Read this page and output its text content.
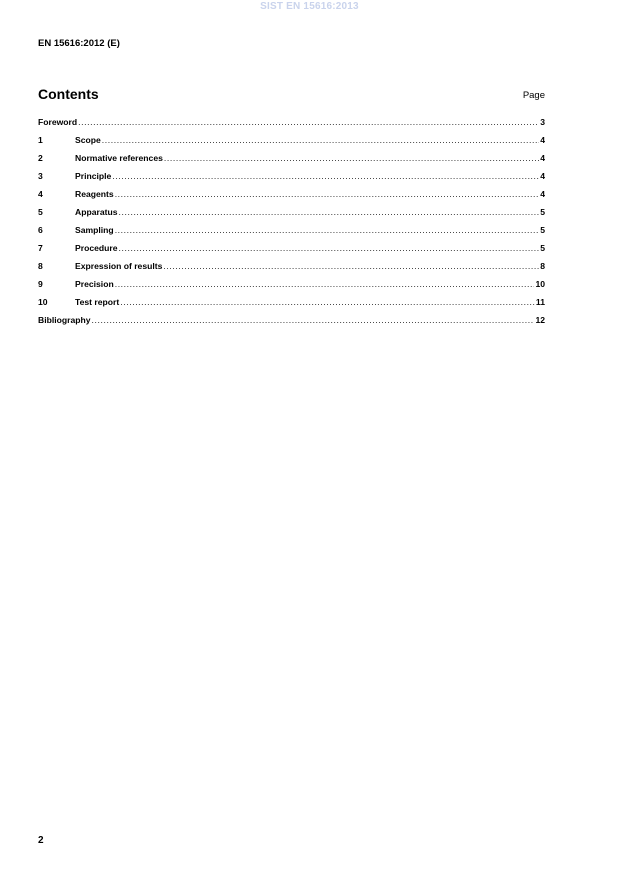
SIST EN 15616:2013
EN 15616:2012 (E)
Contents	Page
Foreword .....	3
1	Scope .....	4
2	Normative references .....	4
3	Principle .....	4
4	Reagents .....	4
5	Apparatus .....	5
6	Sampling .....	5
7	Procedure .....	5
8	Expression of results .....	8
9	Precision .....	10
10	Test report .....	11
Bibliography .....	12
2
